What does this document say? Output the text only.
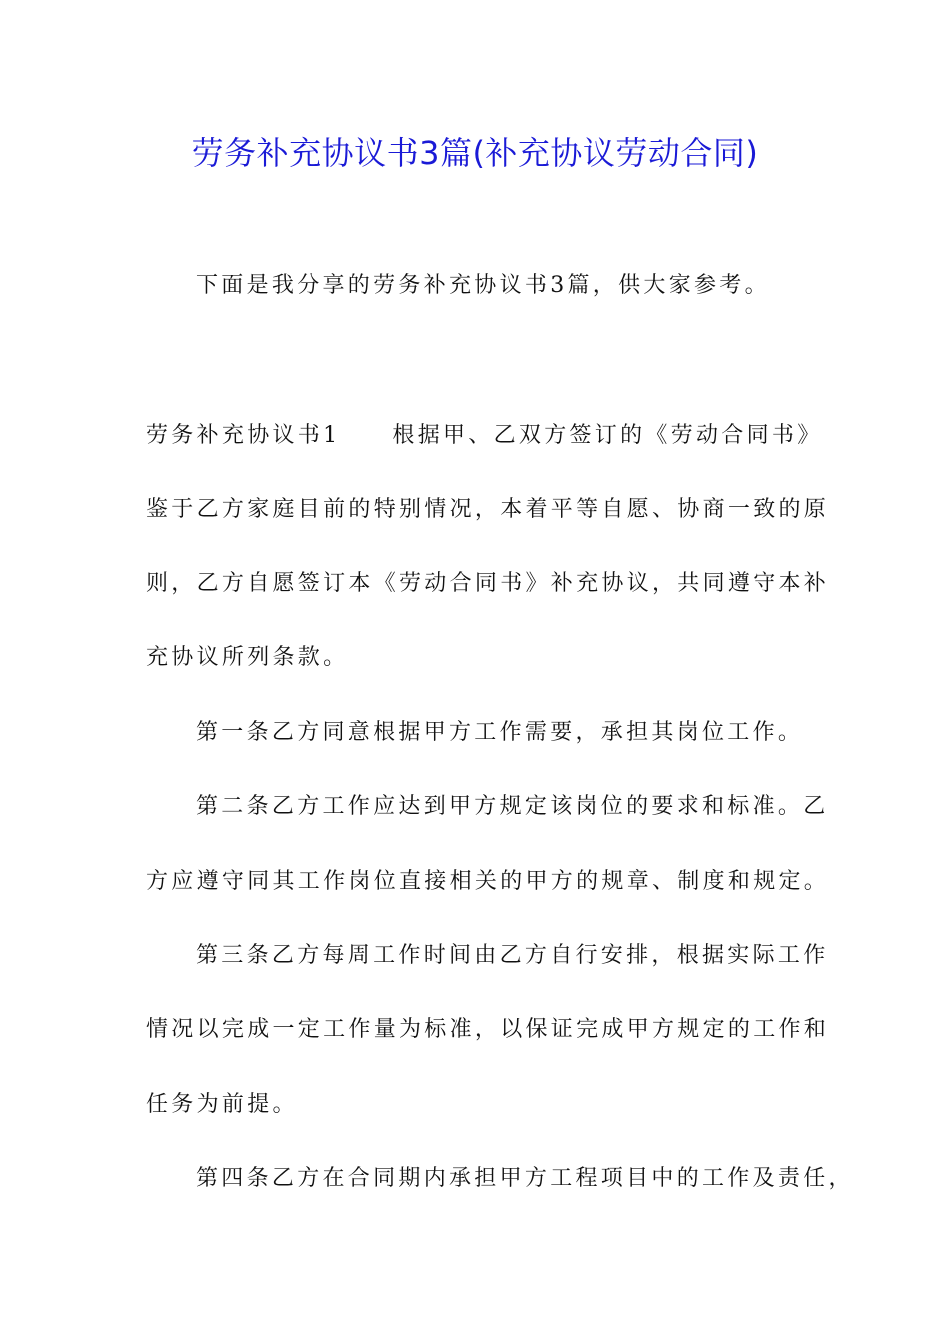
劳务补充协议书3篇(补充协议劳动合同)
下面是我分享的劳务补充协议书3篇，供大家参考。
劳务补充协议书1 根据甲、乙双方签订的《劳动合同书》
鉴于乙方家庭目前的特别情况，本着平等自愿、协商一致的原
则，乙方自愿签订本《劳动合同书》补充协议，共同遵守本补
充协议所列条款。
第一条乙方同意根据甲方工作需要，承担其岗位工作。
第二条乙方工作应达到甲方规定该岗位的要求和标准。乙
方应遵守同其工作岗位直接相关的甲方的规章、制度和规定。
第三条乙方每周工作时间由乙方自行安排，根据实际工作
情况以完成一定工作量为标准，以保证完成甲方规定的工作和
任务为前提。
第四条乙方在合同期内承担甲方工程项目中的工作及责任，
